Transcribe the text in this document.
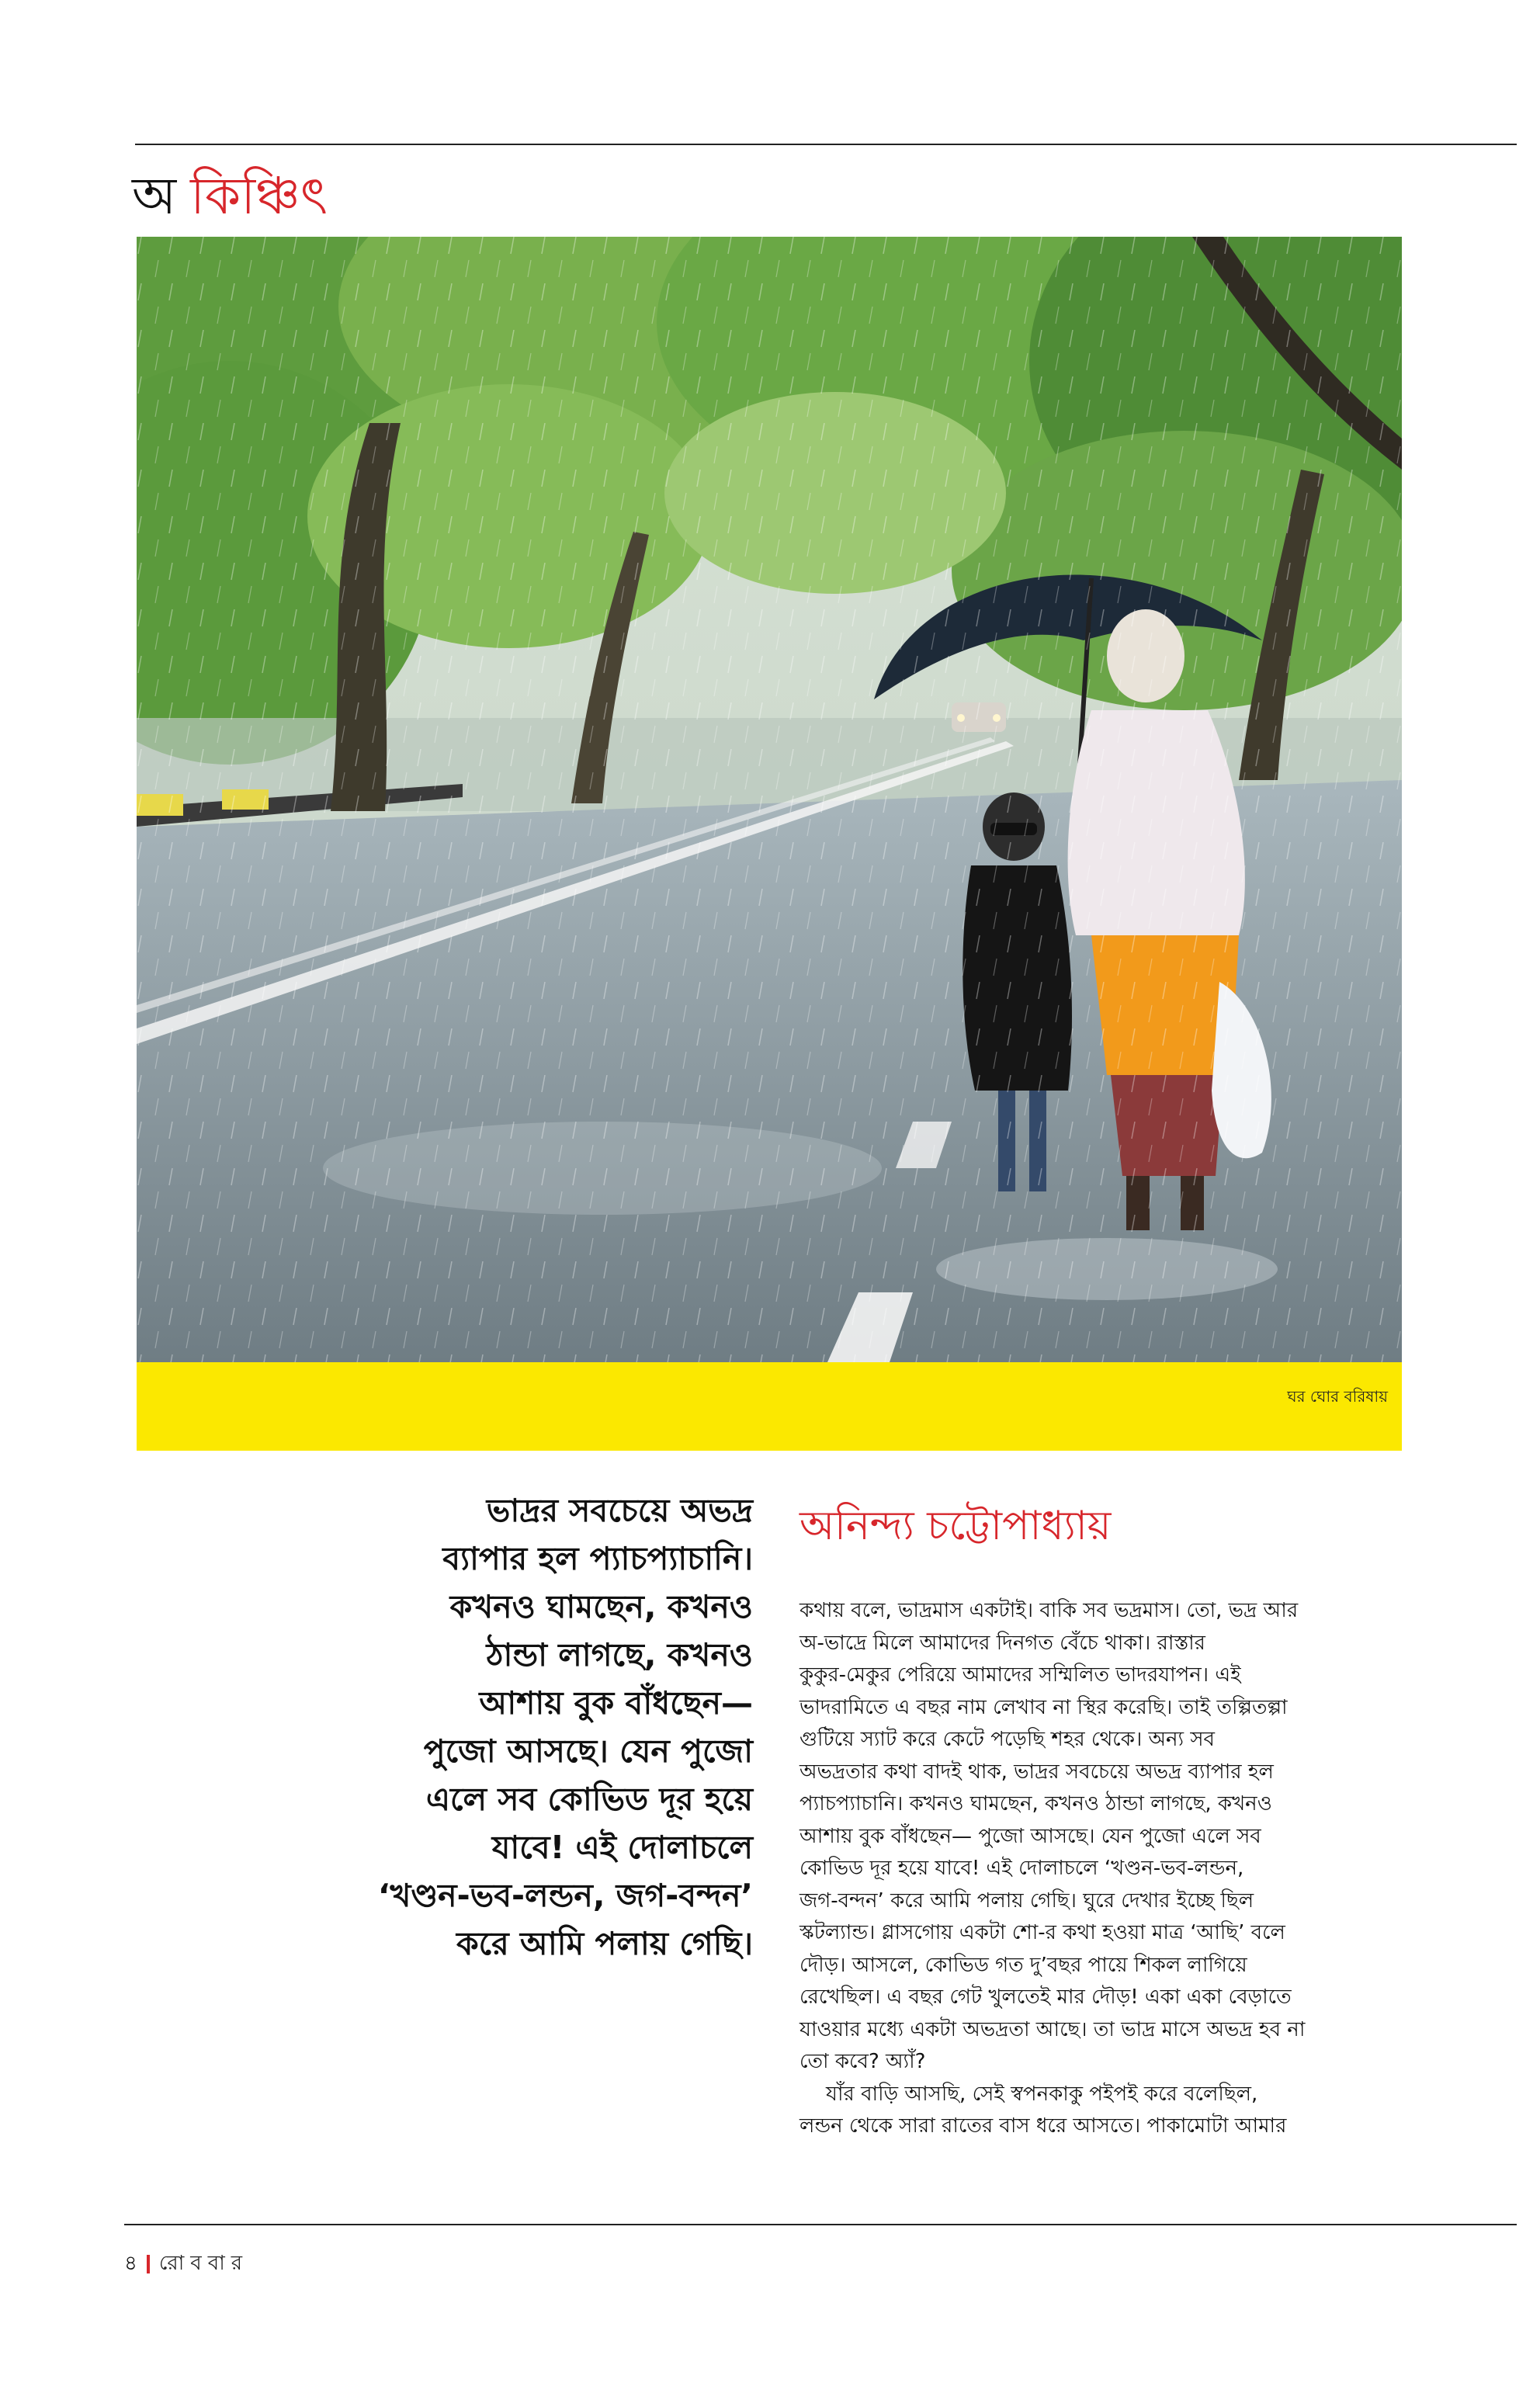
অ কিঞ্চিৎ
ঘর ঘোর বরিষায়
ভাদ্রর সবচেয়ে অভদ্র
ব্যাপার হল প্যাচপ্যাচানি।
কখনও ঘামছেন, কখনও
ঠান্ডা লাগছে, কখনও
আশায় বুক বাঁধছেন—
পুজো আসছে। যেন পুজো
এলে সব কোভিড দূর হয়ে
যাবে! এই দোলাচলে
‘খণ্ডন-ভব-লন্ডন, জগ-বন্দন’
করে আমি পলায় গেছি।
অনিন্দ্য চট্টোপাধ্যায়
কথায় বলে, ভাদ্রমাস একটাই। বাকি সব ভদ্রমাস। তো, ভদ্র আর
অ-ভাদ্রে মিলে আমাদের দিনগত বেঁচে থাকা। রাস্তার
কুকুর-মেকুর পেরিয়ে আমাদের সম্মিলিত ভাদরযাপন। এই
ভাদরামিতে এ বছর নাম লেখাব না স্থির করেছি। তাই তল্পিতল্পা
গুটিয়ে স্যাট করে কেটে পড়েছি শহর থেকে। অন্য সব
অভদ্রতার কথা বাদই থাক, ভাদ্রর সবচেয়ে অভদ্র ব্যাপার হল
প্যাচপ্যাচানি। কখনও ঘামছেন, কখনও ঠান্ডা লাগছে, কখনও
আশায় বুক বাঁধছেন— পুজো আসছে। যেন পুজো এলে সব
কোভিড দূর হয়ে যাবে! এই দোলাচলে ‘খণ্ডন-ভব-লন্ডন,
জগ-বন্দন’ করে আমি পলায় গেছি। ঘুরে দেখার ইচ্ছে ছিল
স্কটল্যান্ড। গ্লাসগোয় একটা শো-র কথা হওয়া মাত্র ‘আছি’ বলে
দৌড়। আসলে, কোভিড গত দু’বছর পায়ে শিকল লাগিয়ে
রেখেছিল। এ বছর গেট খুলতেই মার দৌড়! একা একা বেড়াতে
যাওয়ার মধ্যে একটা অভদ্রতা আছে। তা ভাদ্র মাসে অভদ্র হব না
তো কবে? অ্যাঁ?
যাঁর বাড়ি আসছি, সেই স্বপনকাকু পইপই করে বলেছিল,
লন্ডন থেকে সারা রাতের বাস ধরে আসতে। পাকামোটা আমার
৪ রোববার
